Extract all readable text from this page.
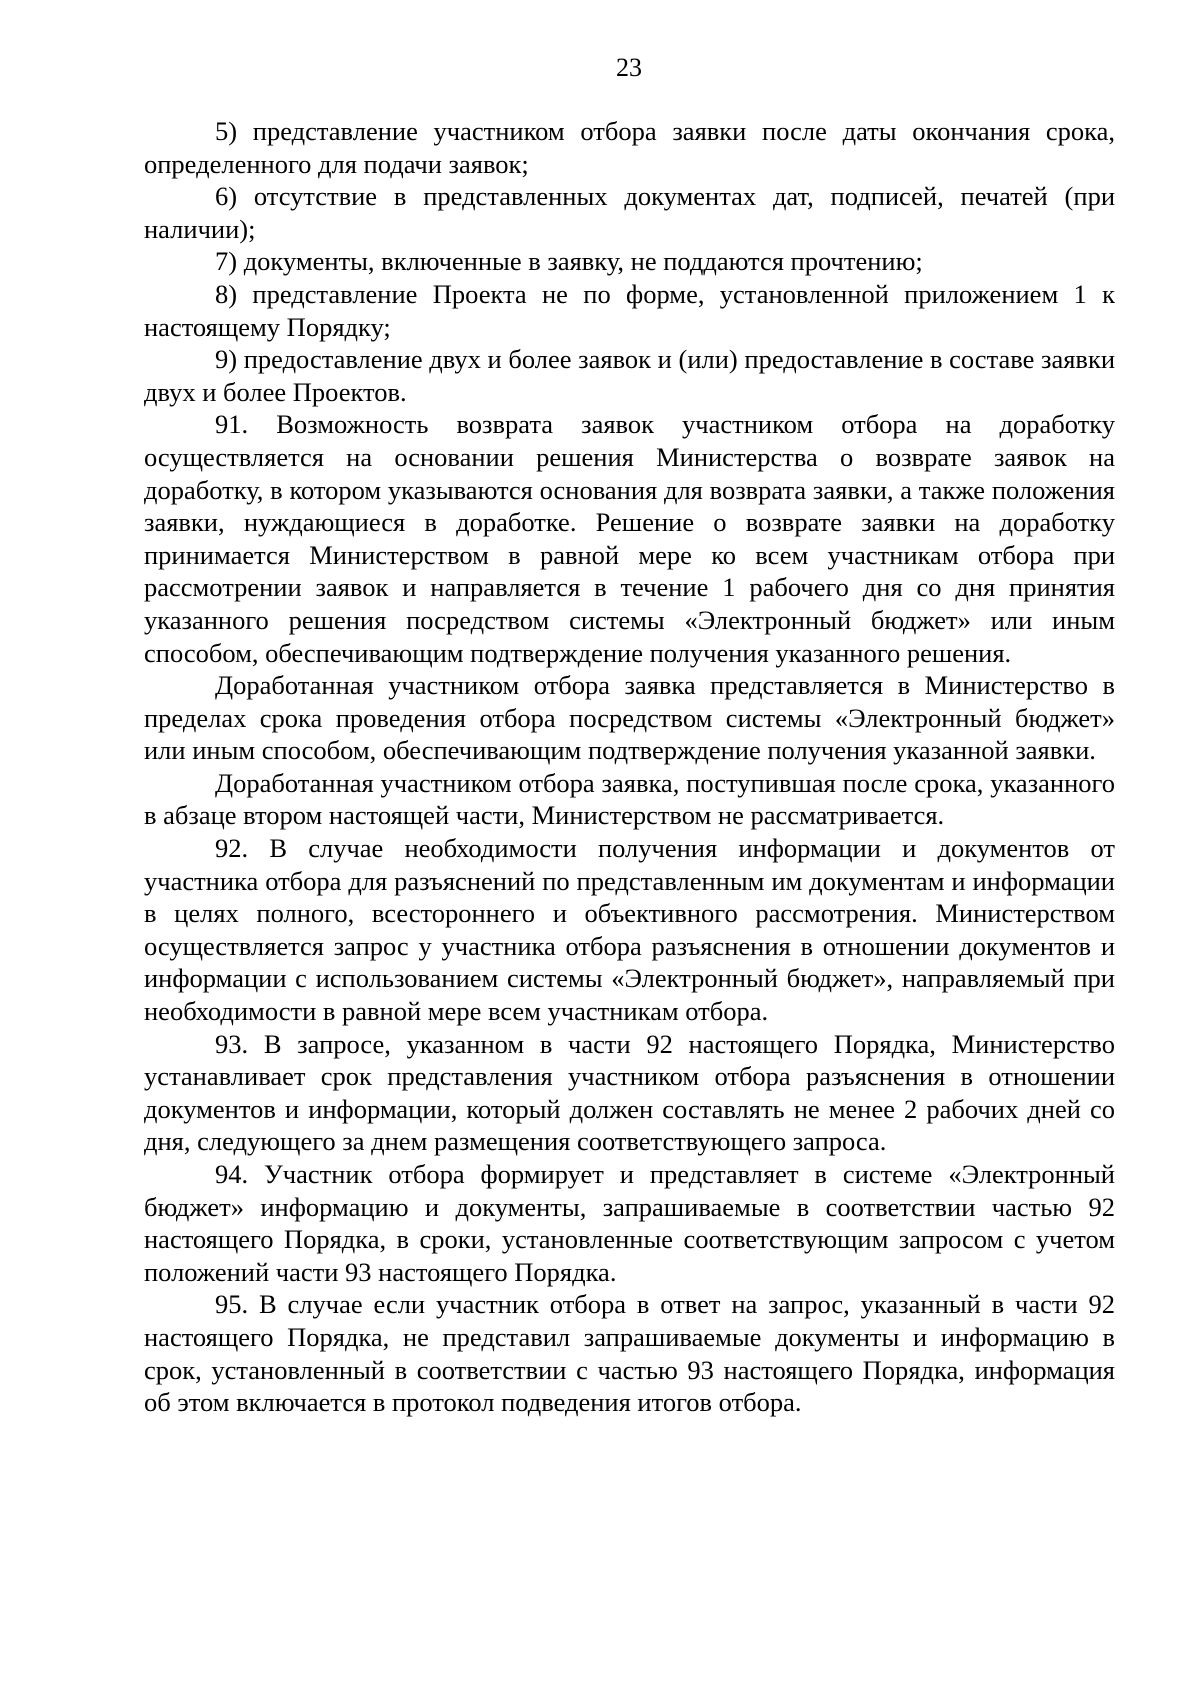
23

5) представление участником отбора заявки после даты окончания срока, определенного для подачи заявок;

6) отсутствие в представленных документах дат, подписей, печатей (при наличии);

7) документы, включенные в заявку, не поддаются прочтению;

8) представление Проекта не по форме, установленной приложением 1 к настоящему Порядку;

9) предоставление двух и более заявок и (или) предоставление в составе заявки двух и более Проектов.

91. Возможность возврата заявок участником отбора на доработку осуществляется на основании решения Министерства о возврате заявок на доработку, в котором указываются основания для возврата заявки, а также положения заявки, нуждающиеся в доработке. Решение о возврате заявки на доработку принимается Министерством в равной мере ко всем участникам отбора при рассмотрении заявок и направляется в течение 1 рабочего дня со дня принятия указанного решения посредством системы «Электронный бюджет» или иным способом, обеспечивающим подтверждение получения указанного решения.

Доработанная участником отбора заявка представляется в Министерство в пределах срока проведения отбора посредством системы «Электронный бюджет» или иным способом, обеспечивающим подтверждение получения указанной заявки.

Доработанная участником отбора заявка, поступившая после срока, указанного в абзаце втором настоящей части, Министерством не рассматривается.

92. В случае необходимости получения информации и документов от участника отбора для разъяснений по представленным им документам и информации в целях полного, всестороннего и объективного рассмотрения. Министерством осуществляется запрос у участника отбора разъяснения в отношении документов и информации с использованием системы «Электронный бюджет», направляемый при необходимости в равной мере всем участникам отбора.

93. В запросе, указанном в части 92 настоящего Порядка, Министерство устанавливает срок представления участником отбора разъяснения в отношении документов и информации, который должен составлять не менее 2 рабочих дней со дня, следующего за днем размещения соответствующего запроса.

94. Участник отбора формирует и представляет в системе «Электронный бюджет» информацию и документы, запрашиваемые в соответствии частью 92 настоящего Порядка, в сроки, установленные соответствующим запросом с учетом положений части 93 настоящего Порядка.

95. В случае если участник отбора в ответ на запрос, указанный в части 92 настоящего Порядка, не представил запрашиваемые документы и информацию в срок, установленный в соответствии с частью 93 настоящего Порядка, информация об этом включается в протокол подведения итогов отбора.
